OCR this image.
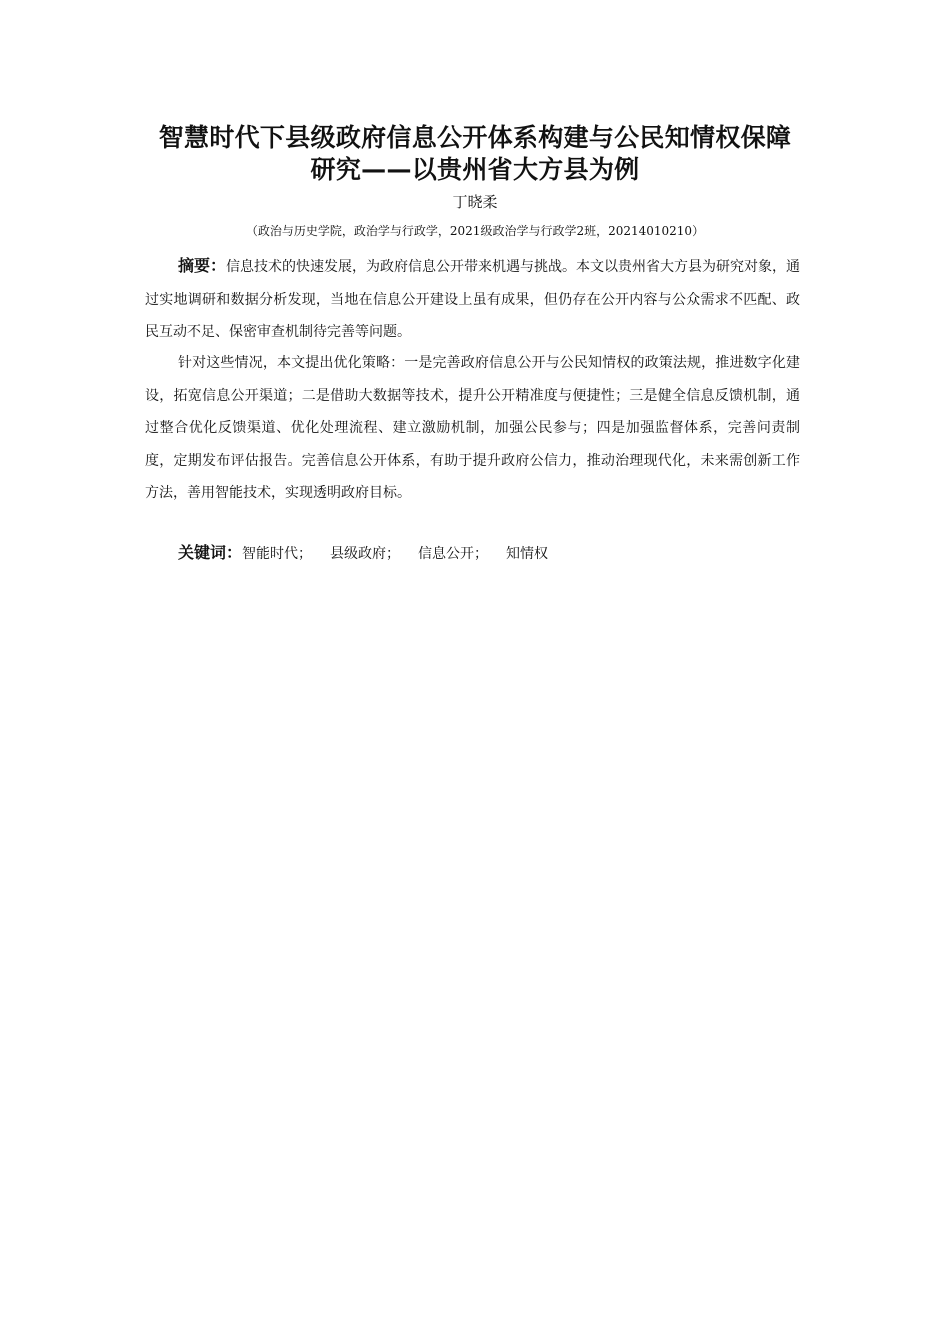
智慧时代下县级政府信息公开体系构建与公民知情权保障
研究——以贵州省大方县为例
丁晓柔
（政治与历史学院，政治学与行政学，2021级政治学与行政学2班，20214010210）

摘要：信息技术的快速发展，为政府信息公开带来机遇与挑战。本文以贵州省大方县为研究对象，通过实地调研和数据分析发现，当地在信息公开建设上虽有成果，但仍存在公开内容与公众需求不匹配、政民互动不足、保密审查机制待完善等问题。

针对这些情况，本文提出优化策略：一是完善政府信息公开与公民知情权的政策法规，推进数字化建设，拓宽信息公开渠道；二是借助大数据等技术，提升公开精准度与便捷性；三是健全信息反馈机制，通过整合优化反馈渠道、优化处理流程、建立激励机制，加强公民参与；四是加强监督体系，完善问责制度，定期发布评估报告。完善信息公开体系，有助于提升政府公信力，推动治理现代化，未来需创新工作方法，善用智能技术，实现透明政府目标。

关键词：智能时代； 县级政府； 信息公开； 知情权
